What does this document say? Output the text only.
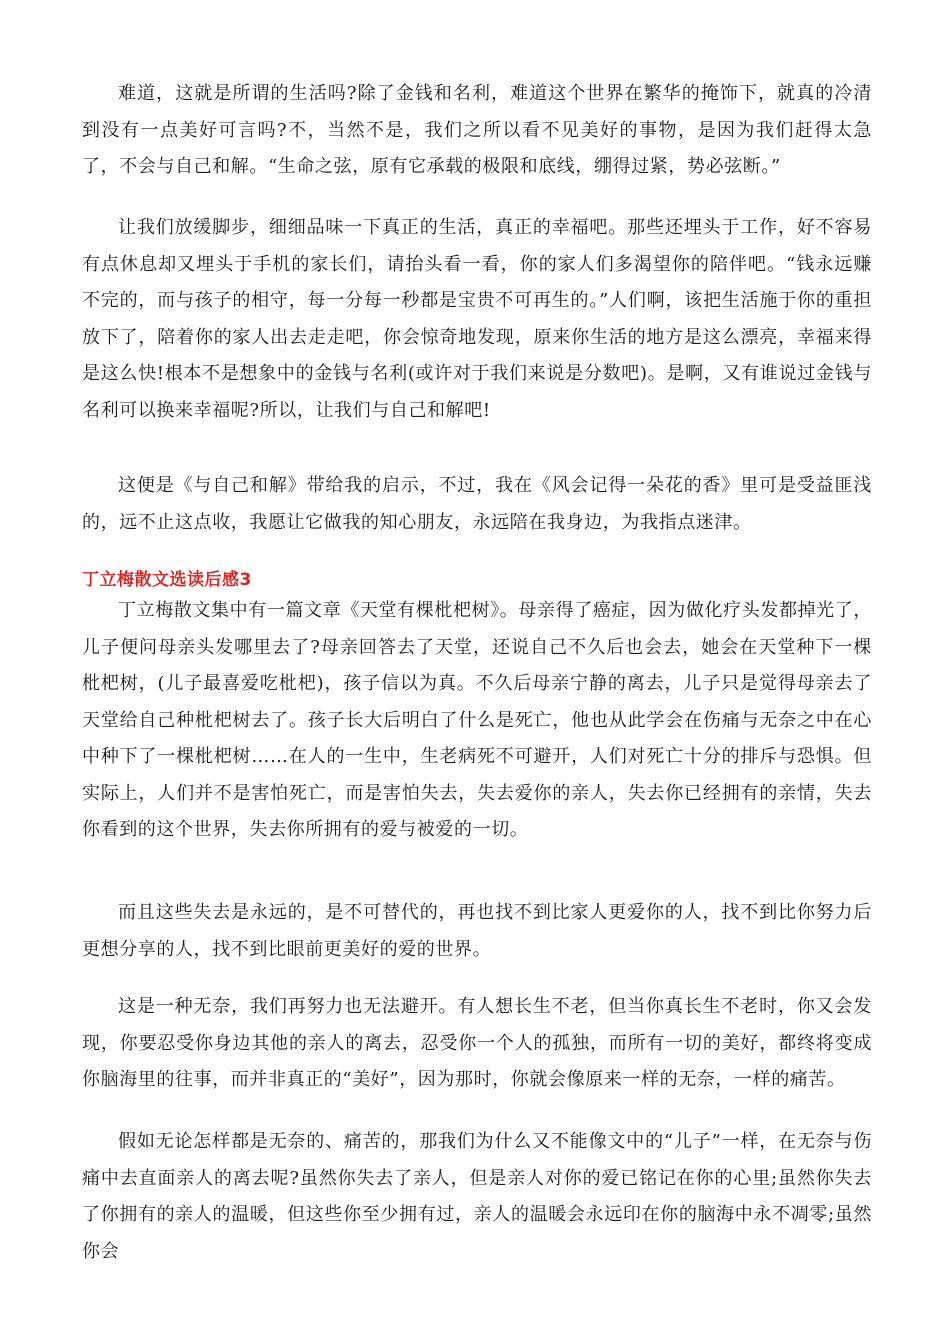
难道，这就是所谓的生活吗?除了金钱和名利，难道这个世界在繁华的掩饰下，就真的冷清到没有一点美好可言吗?不，当然不是，我们之所以看不见美好的事物，是因为我们赶得太急了，不会与自己和解。“生命之弦，原有它承载的极限和底线，绷得过紧，势必弦断。”

让我们放缓脚步，细细品味一下真正的生活，真正的幸福吧。那些还埋头于工作，好不容易有点休息却又埋头于手机的家长们，请抬头看一看，你的家人们多渴望你的陪伴吧。“钱永远赚不完的，而与孩子的相守，每一分每一秒都是宝贵不可再生的。”人们啊，该把生活施于你的重担放下了，陪着你的家人出去走走吧，你会惊奇地发现，原来你生活的地方是这么漂亮，幸福来得是这么快!根本不是想象中的金钱与名利(或许对于我们来说是分数吧)。是啊，又有谁说过金钱与名利可以换来幸福呢?所以，让我们与自己和解吧!

这便是《与自己和解》带给我的启示，不过，我在《风会记得一朵花的香》里可是受益匪浅的，远不止这点收，我愿让它做我的知心朋友，永远陪在我身边，为我指点迷津。

丁立梅散文选读后感3

丁立梅散文集中有一篇文章《天堂有棵枇杷树》。母亲得了癌症，因为做化疗头发都掉光了，儿子便问母亲头发哪里去了?母亲回答去了天堂，还说自己不久后也会去，她会在天堂种下一棵枇杷树，(儿子最喜爱吃枇杷)，孩子信以为真。不久后母亲宁静的离去，儿子只是觉得母亲去了天堂给自己种枇杷树去了。孩子长大后明白了什么是死亡，他也从此学会在伤痛与无奈之中在心中种下了一棵枇杷树……在人的一生中，生老病死不可避开，人们对死亡十分的排斥与恐惧。但实际上，人们并不是害怕死亡，而是害怕失去，失去爱你的亲人，失去你已经拥有的亲情，失去你看到的这个世界，失去你所拥有的爱与被爱的一切。

而且这些失去是永远的，是不可替代的，再也找不到比家人更爱你的人，找不到比你努力后更想分享的人，找不到比眼前更美好的爱的世界。

这是一种无奈，我们再努力也无法避开。有人想长生不老，但当你真长生不老时，你又会发现，你要忍受你身边其他的亲人的离去，忍受你一个人的孤独，而所有一切的美好，都终将变成你脑海里的往事，而并非真正的“美好”，因为那时，你就会像原来一样的无奈，一样的痛苦。

假如无论怎样都是无奈的、痛苦的，那我们为什么又不能像文中的“儿子”一样，在无奈与伤痛中去直面亲人的离去呢?虽然你失去了亲人，但是亲人对你的爱已铭记在你的心里;虽然你失去了你拥有的亲人的温暖，但这些你至少拥有过，亲人的温暖会永远印在你的脑海中永不凋零;虽然你会
